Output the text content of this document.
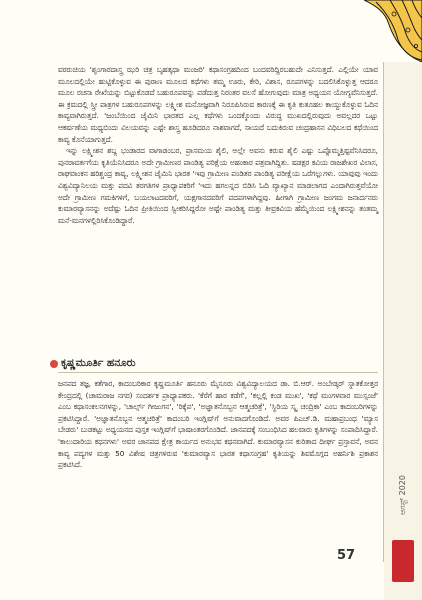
ವರರುಚಿಯ 'ಶೃಂಗಾರದಾಸ್ತ್ರ ಝರಿ ಚಿತ್ರ ಬೃಹತ್ಕಥಾ ಮಂಜರಿ' ಕಥಾಸಂಗ್ರಹದಿಂದ ಬಂದವರಿದ್ದಿರಬಹುದೇ ಎನಿಸುತ್ತದೆ. ಎಲ್ಲಿಯೇ ಯಾವ ಮೂಲದಲ್ಲಿಯೇ ಹುಟ್ಟಿಕೊಳ್ಳುವ ಈ ಪುರಾಣ ಮೂಲದ ಕಥೆಗಳು ತಮ್ಮ ಊರು, ಕೇರಿ, ವಿಶಾಸ, ರೂಪಗಳನ್ನು ಬದಲಿಸಿಕೊಳ್ಳುತ್ತ ಆದರೂ ಮೂಲ ರಚನಾ ರೇಖೆಯನ್ನು ಬಿಟ್ಟುಕೊಡದೆ ಬಹುರೂಪವನ್ನು ಪಡೆದುತ್ತ ನಿರಂತರ ವಲಸೆ ಹೋಗುವುದು ಮಾತ್ರ ಅಧ್ಯಯನ ಯೋಗ್ಯವೆನಿಸುತ್ತದೆ. ಈ ಕ್ರಮದಲ್ಲಿ ಸ್ತ್ರೀ ಪಾತ್ರಗಳ ಬಹುರೂಪಗಳನ್ನು ಲಕ್ಷ್ಮೀಶ ಮನೋಜ್ಞವಾಗಿ ನಿರೂಪಿಸಿರುವ ಕಾರಣಕ್ಕೆ ಈ ಕೃತಿ ಕುತೂಹಲ ಕಾಯ್ದುಕೊಳ್ಳುವ ಓದಿನ ಕಾವ್ಯವಾಗಿರುತ್ತದೆ. 'ಜಂಬೆಯಿಂದ ಜೈಮಿನಿ ಭಾರತದ ಎಲ್ಲ ಕಥೆಗಳು ಒಂದಕ್ಕೊಂದು ವಿರುದ್ಧ ಮುಖದಲ್ಲಿರುವುದು ಅವಲ್ಲದರ ಒಟ್ಟು ಆಕರ್ಷಣೆಯ ಮಧ್ಯಬಿಂದು ವಿಲಯವನ್ನು ಎಷ್ಟೇ ಶಾಸ್ತ್ರ ಹೂಡಿದರೂ ನಾಶವಾಗದೆ, ಸಾಯದೆ ಬದುಕಿರುವ ಚಂದ್ರಹಾಸನ ವಿಧಿಬಲದ ಕಥೆಯಿಂದ ಕಾವ್ಯ ಕೊನೆಯಾಗುತ್ತದೆ.

ಇನ್ನು ಲಕ್ಷ್ಮೀಶನ ಶಬ್ದ ಭಂಡಾರದ ವಾಗಾಡಂಬರ, ಪ್ರಾಸಮಯ ಶೈಲಿ, ಅಲ್ಲೇ ಅವನು ಕರುವ ಶೈಲಿ ಎಷ್ಟು ಒಪ್ಪೊಮ್ಮತ್ತಿಷ್ಟವೆನಿಸಿದರೂ, ಪುನರಾವರ್ತಗೆಯ ಕೃತಿಯೆನಿಸಿದರೂ ಅದೇ ಗ್ರಾಮೀಣರ ಪಾಂಡಿತ್ಯ ಪರಿಕ್ಷೆಯ ಅಹಂಕಾರ ಪತ್ರವಾಗಿದ್ದಿತು. ಷಡಕ್ಷರ ಕವಿಯ ರಾಜಶೇಖರ ವಿಲಾಸ, ರಾಘವಾಂಕನ ಹರಿಶ್ಚಂದ್ರ ಕಾವ್ಯ, ಲಕ್ಷ್ಮೀಶನ ಜೈಮಿನಿ ಭಾರತ 'ಇವು ಗ್ರಾಮೀಣ ಪಂಡಿತರ ಪಾಂಡಿತ್ಯ ಪರೀಕ್ಷೆಯ ಒರೆಗಲ್ಲುಗಳು. ಯಾವುವು ಇಂದು ವಿಶ್ವವಿದ್ಯಾನಿಲಯ ಮತ್ತು ಪದವಿ ತರಗತಿಗಳ ಪ್ರಾಧ್ಯಾಪಕರಿಗೆ 'ಇದು ಹಗಲನ್ನದ ಬಿಡಿಸಿ ಓದಿ ವ್ಯಾಖ್ಯಾನ ಮಾಡಲಾಗದ ಎಂದಾಗಿರುತ್ತವೆಯೋ ಅದೇ ಗ್ರಾಮೀಣ ಗಮಕಿಗಳಿಗೆ, ಬಯಲಾಟದವರಿಗೆ, ಯಕ್ಷಗಾನದವರಿಗೆ ಪದಪಗಳಾಗಿದ್ದವು. ಹೀಗಾಗಿ ಗ್ರಾಮೀಣ ಜಂಗಮ ಜನಾರ್ದನರು ಕುಮಾರವ್ಯಾಸನನ್ನು ಅದೆಷ್ಟು ಓದಿನ ಪ್ರೀತಿಯಿಂದ ಸ್ವೀಕರಿಸಿದ್ದರೋ ಅಷ್ಟೇ ಪಾಂಡಿತ್ಯ ಮತ್ತು ತೀವ್ರಕವಿಯ ಹೆಮ್ಮೆಯಿಂದ ಲಕ್ಷ್ಮೀಶನನ್ನು ತಂತಮ್ಮ ಮನೆ-ಮನಗಳಲ್ಲಿರಿಸಿಕೊಂಡಿದ್ದಾರೆ.

ಕೃಷ್ಣಮೂರ್ತಿ ಹನೂರು

ಜನಪದ ತಜ್ಞ, ಕತೆಗಾರ, ಕಾದಂಬರಿಕಾರ ಕೃಷ್ಣಮೂರ್ತಿ ಹನೂರು ಮೈಸೂರು ವಿಶ್ವವಿದ್ಯಾಲಯದ ಡಾ. ಬಿ.ಆರ್. ಅಂಬೇಡ್ಕರ್ ಸ್ನಾತಕೋತ್ತರ ಕೇಂದ್ರದಲ್ಲಿ (ಚಾಮರಾಜ ನಗರ) ಸಂದರ್ಶಕ ಪ್ರಾಧ್ಯಾಪಕರು. 'ಕೆರೆಗೆ ಹಾರ ಕಡೆಗೆ', 'ಕಲ್ಲಲ್ಲಿ ಕಂಡ ಮುಖ', 'ಕಥೆ ಮಂಗಳವಾರ ಮುಸ್ಸಂಜೆ' ಎಂಬ ಕಥಾಸಂಕಲನಗಳನ್ನು, 'ಚಾರ್ಲ್ಸ್ ಗೀಜುಗನ', 'ರಿಕ್ಕೆಪ', 'ಅಜ್ಞಾತನೊಬ್ಬನ ಆತ್ಮಚರಿತ್ರೆ', 'ಸ್ಥಿರಿಯ ಸ್ಕೃ ಚಂದ್ರಿಕಾ' ಎಂಬ ಕಾದಂಬರಿಗಳನ್ನು ಪ್ರಕಟಿಸಿದ್ದಾರೆ. 'ಅಜ್ಞಾತನೊಬ್ಬನ ಆತ್ಮಚರಿತ್ರೆ' ಕಾದಂಬರಿ ಇಂಗ್ಲಿಷ್‌ಗೆ ಅನುವಾದಗೊಂಡಿದೆ. ಅವರ ಪಿಎಚ್.ಡಿ. ಮಹಾಪ್ರಬಂಧ 'ಮ್ಯಾಸ ಬೇಡರು' ಬುಡಕಟ್ಟು ಅಧ್ಯಯನದ ಪುಸ್ತಕ ಇಂಗ್ಲಿಷ್‌ಗೆ ಭಾಷಾಂತರಗೊಂಡಿದೆ. ಜಾನಪದಕ್ಕೆ ಸಂಬಂಧಿಸಿದ ಹಲವಾರು ಕೃತಿಗಳನ್ನು ಸಂಪಾದಿಸಿದ್ದಾರೆ. 'ಕಾಲುದಾರಿಯ ಕಥನಗಳು' ಅವರ ಜಾನಪದ ಕ್ಷೇತ್ರ ಕಾರ್ಯದ ಅನುಭವ ಕಥನವಾಗಿದೆ. ಕುಮಾರವ್ಯಾಸನ ಕುರಿತಾದ ದೀರ್ಘ ಪ್ರಸ್ತಾವನೆ, ಅವನ ಕಾವ್ಯ ಪದ್ಯಗಳ ಮತ್ತು 50 ವಿಶೇಷ ಚಿತ್ರಗಳಿರುವ 'ಕುಮಾರವ್ಯಾಸ ಭಾರತ ಕಥಾಸಂಗ್ರಹ' ಕೃತಿಯನ್ನು ಶಿವಮೊಗ್ಗದ ಅಹರ್ನಿಶಿ ಪ್ರಕಾಶನ ಪ್ರಕಟಿಸಿದೆ.

ಆಗಸ್ಟ್ 2020
57
